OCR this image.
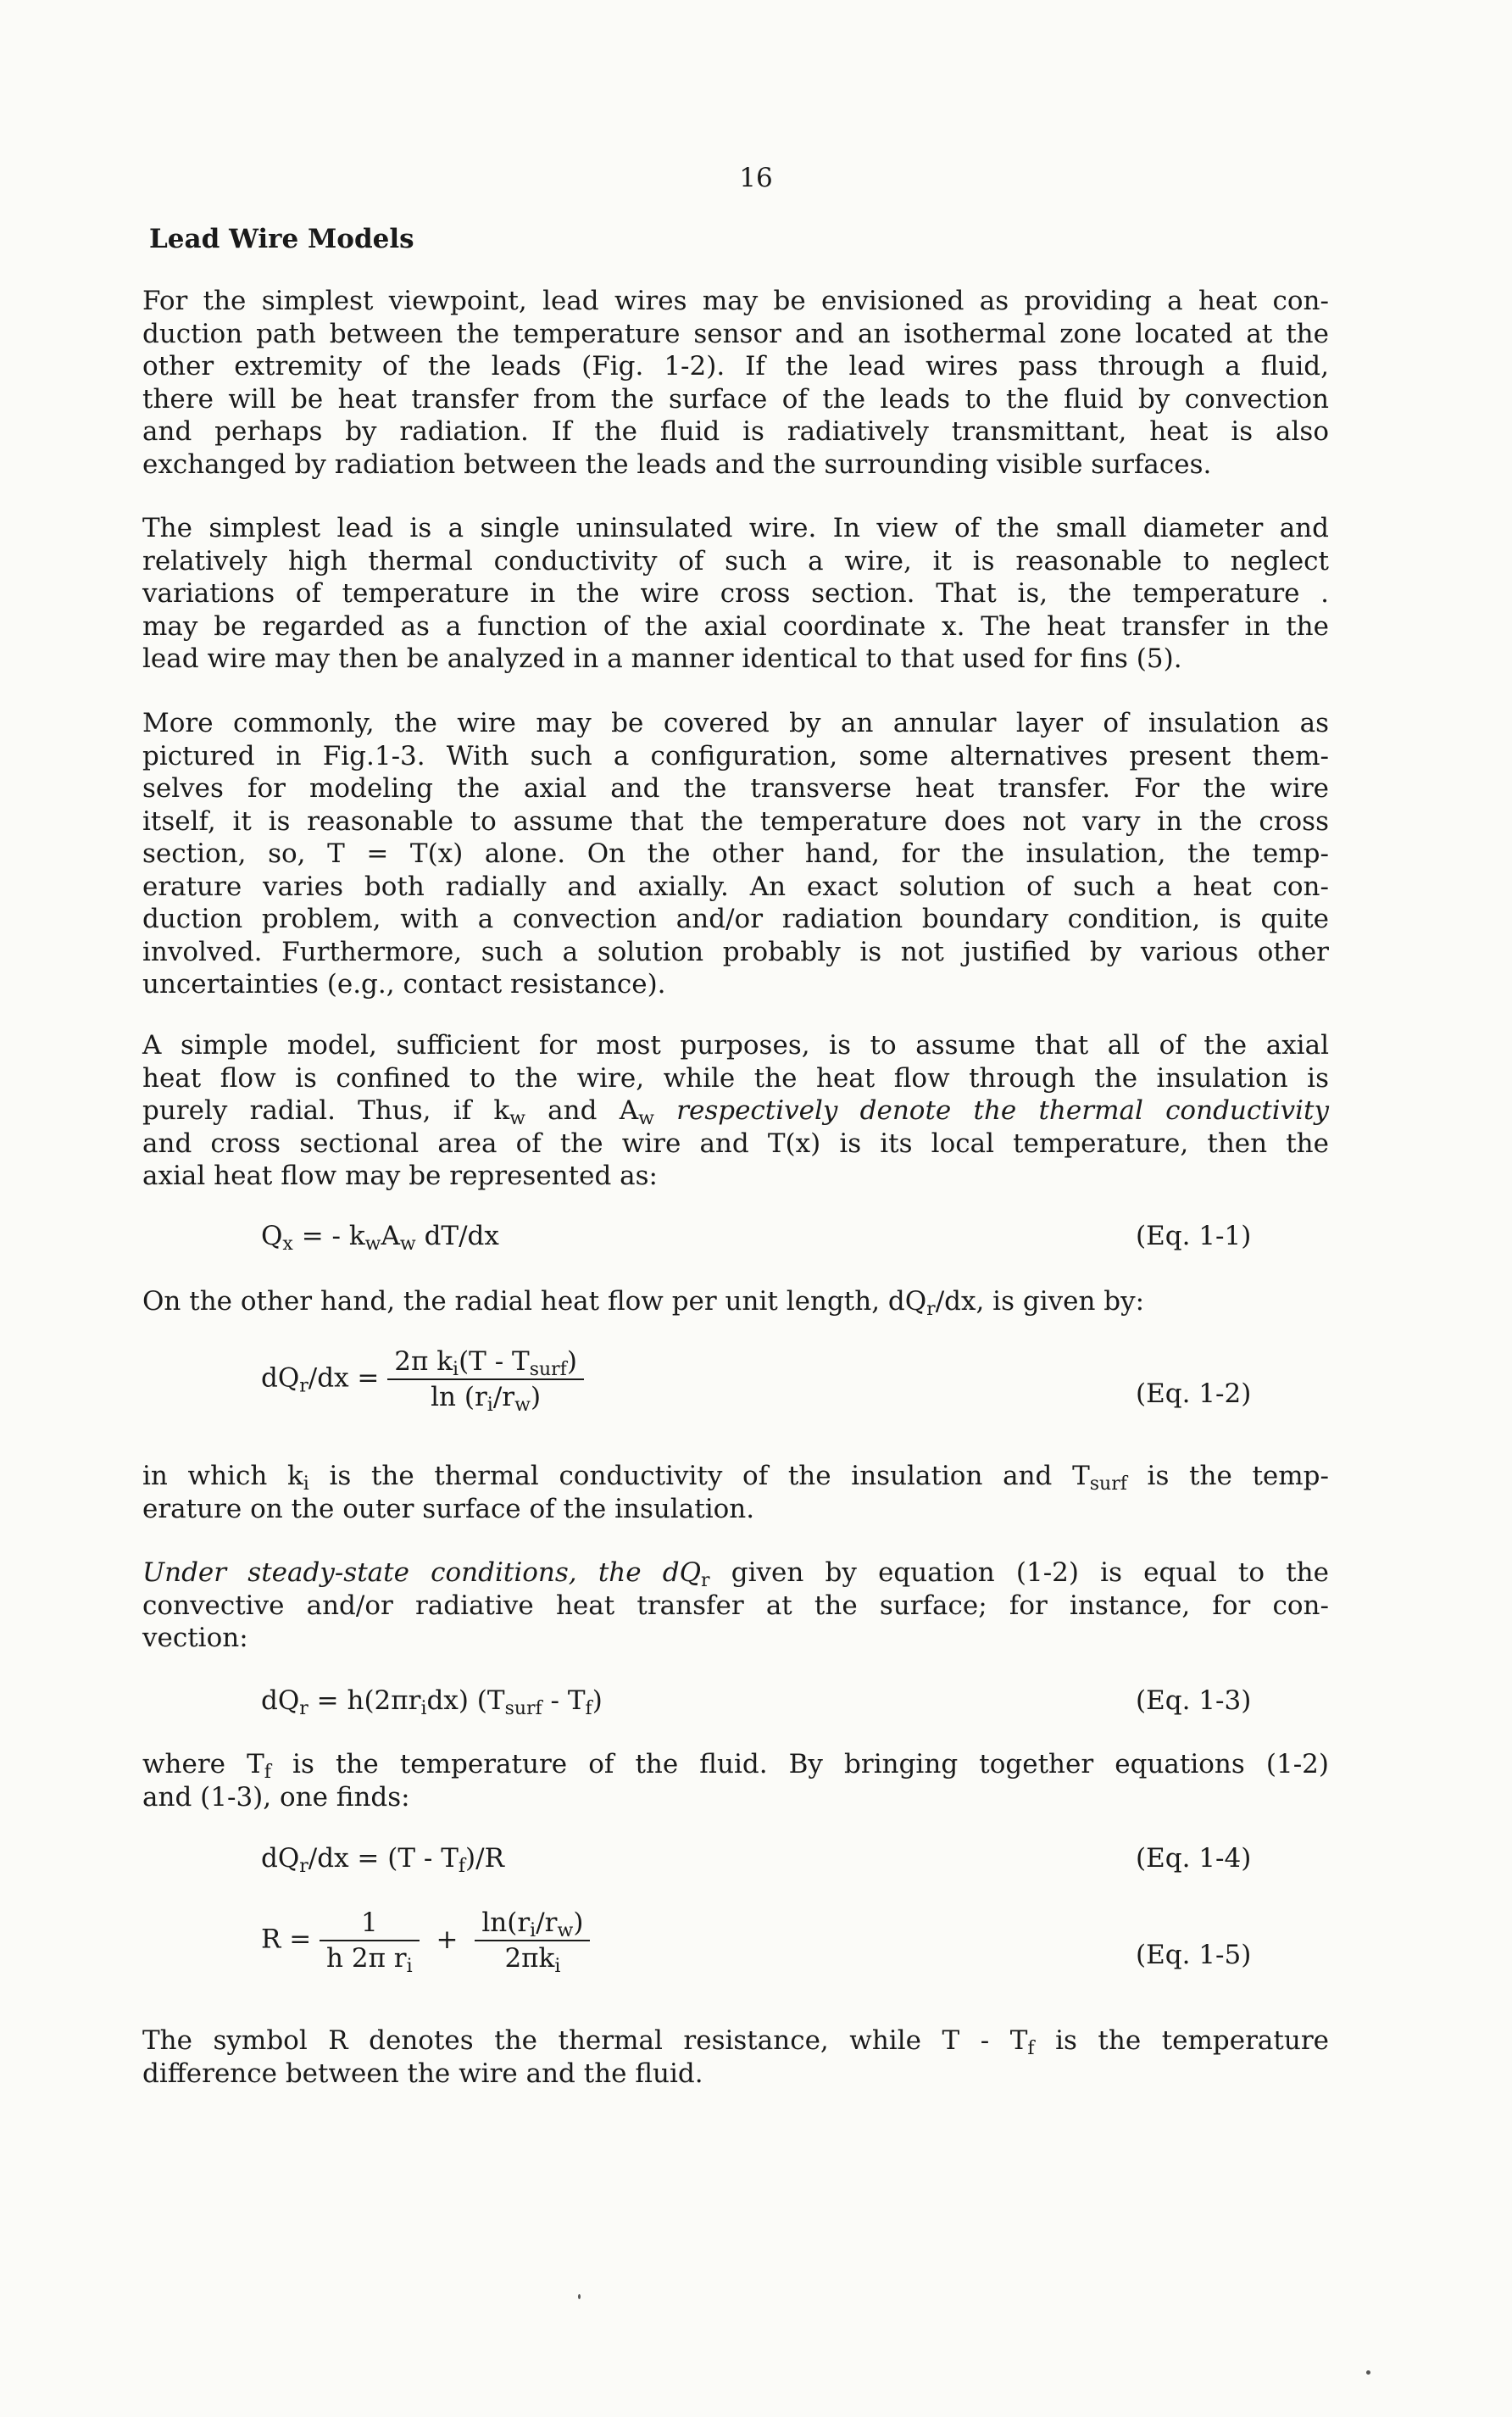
16
Lead Wire Models
For the simplest viewpoint, lead wires may be envisioned as providing a heat con-
duction path between the temperature sensor and an isothermal zone located at the
other extremity of the leads (Fig. 1-2). If the lead wires pass through a fluid,
there will be heat transfer from the surface of the leads to the fluid by convection
and perhaps by radiation. If the fluid is radiatively transmittant, heat is also
exchanged by radiation between the leads and the surrounding visible surfaces.
The simplest lead is a single uninsulated wire. In view of the small diameter and
relatively high thermal conductivity of such a wire, it is reasonable to neglect
variations of temperature in the wire cross section. That is, the temperature .
may be regarded as a function of the axial coordinate x. The heat transfer in the
lead wire may then be analyzed in a manner identical to that used for fins (5).
More commonly, the wire may be covered by an annular layer of insulation as
pictured in Fig.1-3. With such a configuration, some alternatives present them-
selves for modeling the axial and the transverse heat transfer. For the wire
itself, it is reasonable to assume that the temperature does not vary in the cross
section, so, T = T(x) alone. On the other hand, for the insulation, the temp-
erature varies both radially and axially. An exact solution of such a heat con-
duction problem, with a convection and/or radiation boundary condition, is quite
involved. Furthermore, such a solution probably is not justified by various other
uncertainties (e.g., contact resistance).
A simple model, sufficient for most purposes, is to assume that all of the axial
heat flow is confined to the wire, while the heat flow through the insulation is
purely radial. Thus, if $k_w$ and $A_w$ respectively denote the thermal conductivity
and cross sectional area of the wire and T(x) is its local temperature, then the
axial heat flow may be represented as:
$Q_x$ = - $k_wA_w$ dT/dx	(Eq. 1-1)
On the other hand, the radial heat flow per unit length, $dQ_r/dx$, is given by:
$dQ_r/dx = \frac{2\pi k_i(T - T_{surf})}{\ln (r_i/r_w)}$	(Eq. 1-2)
in which $k_i$ is the thermal conductivity of the insulation and $T_{surf}$ is the temp-
erature on the outer surface of the insulation.
Under steady-state conditions, the $dQ_r$ given by equation (1-2) is equal to the
convective and/or radiative heat transfer at the surface; for instance, for con-
vection:
$dQ_r = h(2\pi r_idx)$ $(T_{surf} - T_f)$	(Eq. 1-3)
where $T_f$ is the temperature of the fluid. By bringing together equations (1-2)
and (1-3), one finds:
$dQ_r/dx = (T - T_f)/R$	(Eq. 1-4)
$R = \frac{1}{h 2\pi r_i} + \frac{\ln(r_i/r_w)}{2\pi k_i}$	(Eq. 1-5)
The symbol R denotes the thermal resistance, while T - $T_f$ is the temperature
difference between the wire and the fluid.
